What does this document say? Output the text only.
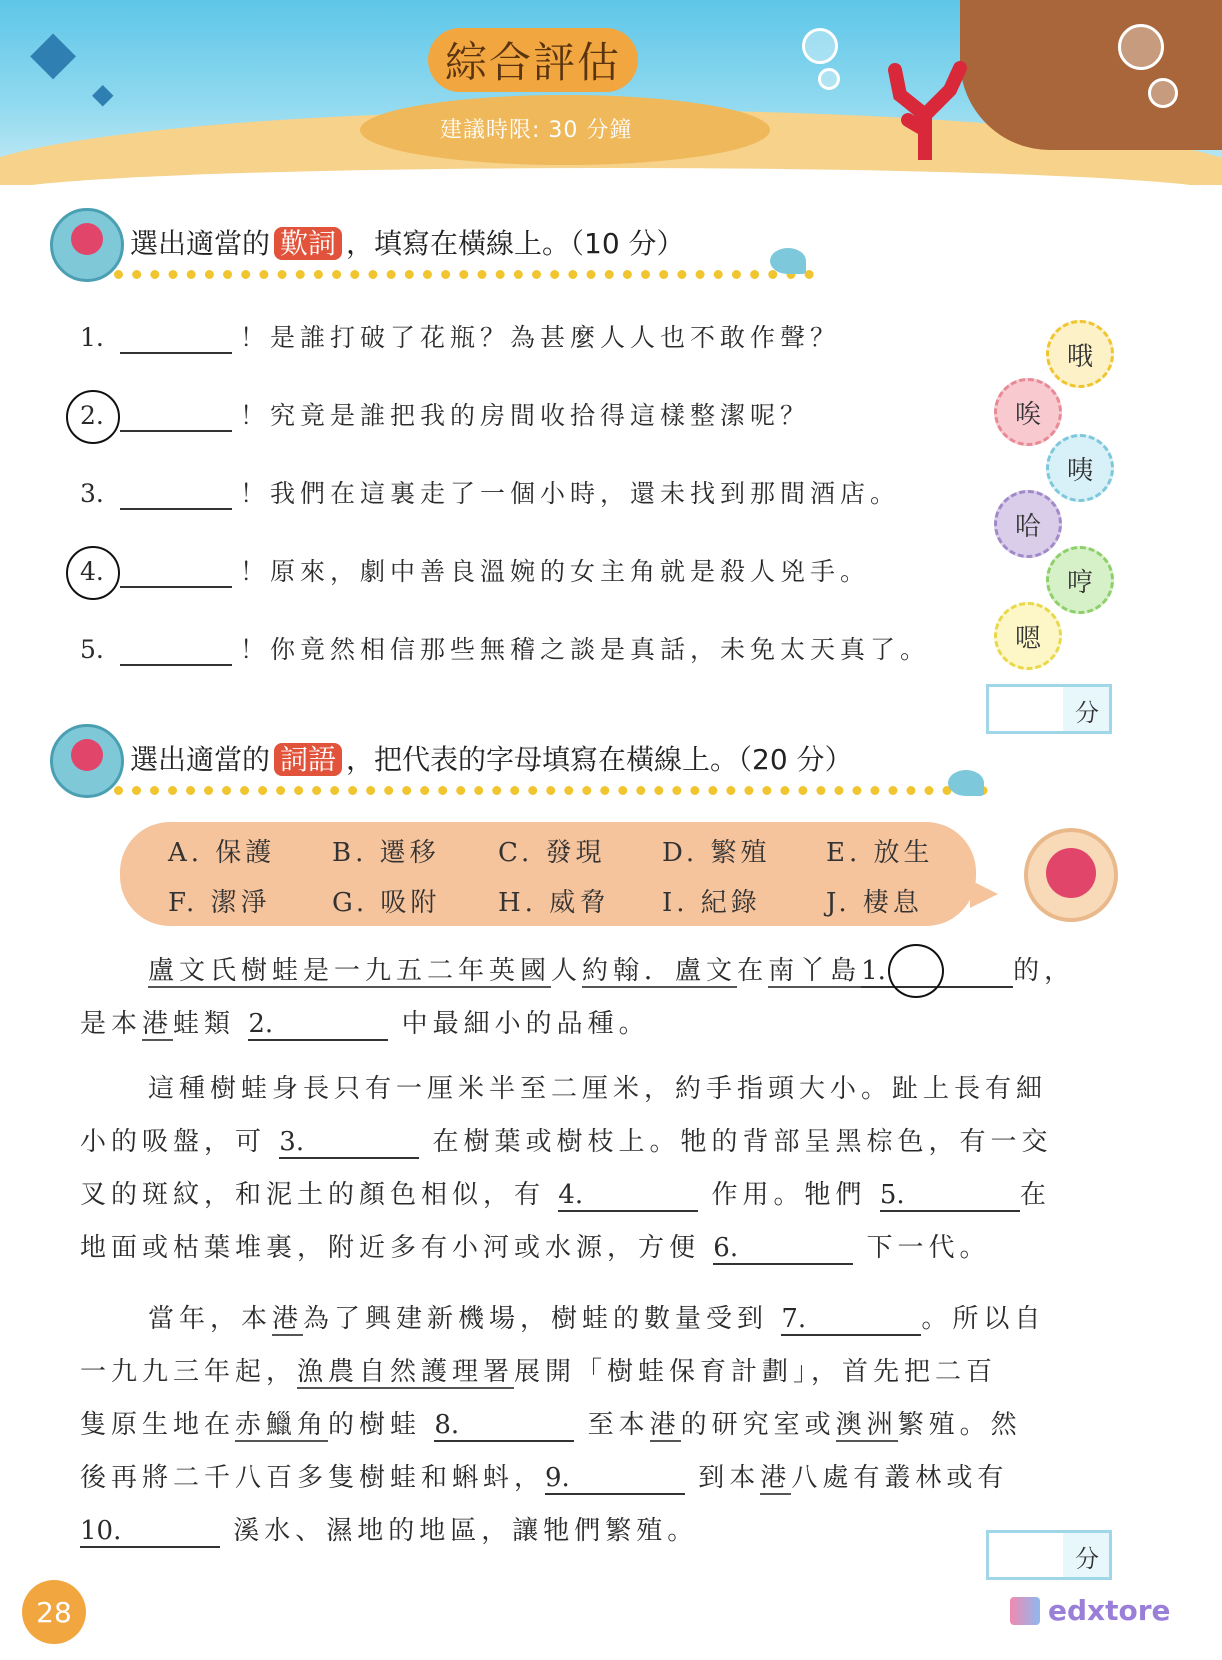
◆
◆
綜合評估
建議時限: 30 分鐘
選出適當的 歎詞 ，填寫在橫線上。（10 分）
1.	！是誰打破了花瓶？為甚麼人人也不敢作聲？
2.	！究竟是誰把我的房間收拾得這樣整潔呢？
3.	！我們在這裏走了一個小時，還未找到那間酒店。
4.	！原來，劇中善良溫婉的女主角就是殺人兇手。
5.	！你竟然相信那些無稽之談是真話，未免太天真了。
哦
唉
咦
哈
哼
嗯
分
選出適當的 詞語 ，把代表的字母填寫在橫線上。（20 分）
A. 保護 B. 遷移 C. 發現 D. 繁殖 E. 放生
F. 潔淨 G. 吸附 H. 威脅 I. 紀錄	J. 棲息
盧文氏樹蛙是一九五二年英國人約翰．盧文在南丫島1.	的，
是本港蛙類 2.	中最細小的品種。
這種樹蛙身長只有一厘米半至二厘米，約手指頭大小。趾上長有細
小的吸盤，可 3.	在樹葉或樹枝上。牠的背部呈黑棕色，有一交
叉的斑紋，和泥土的顏色相似，有 4.	作用。牠們 5.	在
地面或枯葉堆裏，附近多有小河或水源，方便 6.	下一代。
當年，本港為了興建新機場，樹蛙的數量受到 7.	。所以自
一九九三年起，漁農自然護理署展開「樹蛙保育計劃」，首先把二百
隻原生地在赤鱲角的樹蛙 8.	至本港的研究室或澳洲繁殖。然
後再將二千八百多隻樹蛙和蝌蚪，9.	到本港八處有叢林或有
10.	溪水、濕地的地區，讓牠們繁殖。
分
28	edxtore
